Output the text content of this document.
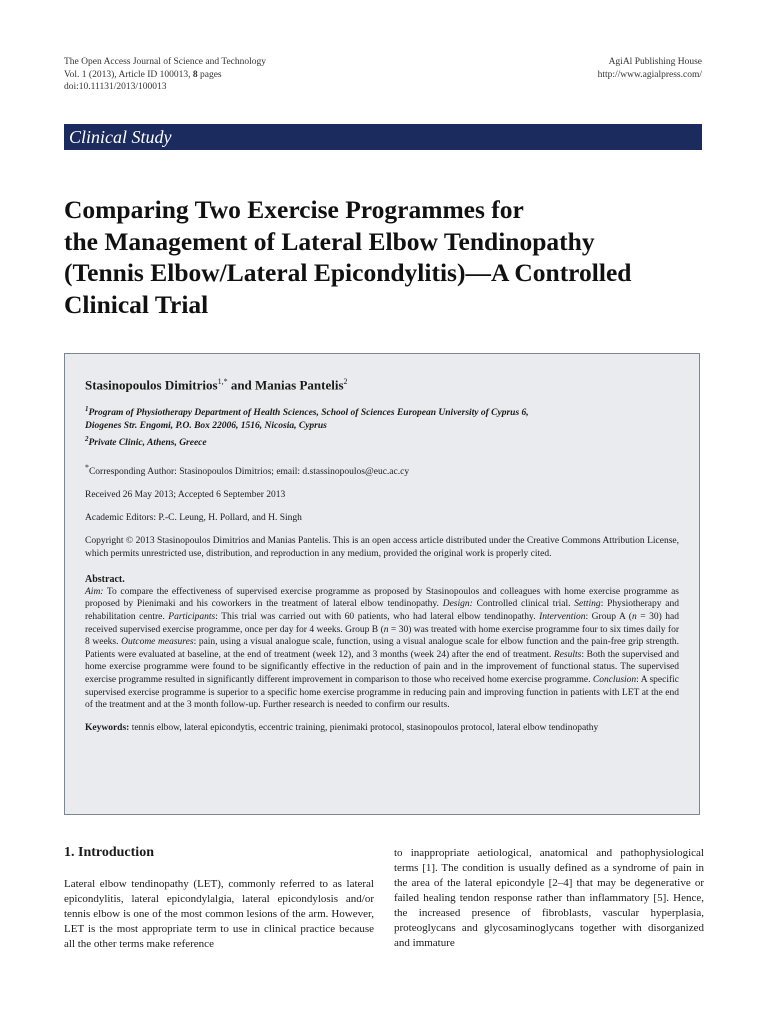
The Open Access Journal of Science and Technology
Vol. 1 (2013), Article ID 100013, 8 pages
doi:10.11131/2013/100013
AgiAl Publishing House
http://www.agialpress.com/
Clinical Study
Comparing Two Exercise Programmes for
the Management of Lateral Elbow Tendinopathy
(Tennis Elbow/Lateral Epicondylitis)—A Controlled
Clinical Trial
Stasinopoulos Dimitrios$^{1,*}$ and Manias Pantelis$^2$
$^1$Program of Physiotherapy Department of Health Sciences, School of Sciences European University of Cyprus 6,
Diogenes Str. Engomi, P.O. Box 22006, 1516, Nicosia, Cyprus
$^2$Private Clinic, Athens, Greece
*Corresponding Author: Stasinopoulos Dimitrios; email: d.stassinopoulos@euc.ac.cy
Received 26 May 2013; Accepted 6 September 2013
Academic Editors: P.-C. Leung, H. Pollard, and H. Singh
Copyright © 2013 Stasinopoulos Dimitrios and Manias Pantelis. This is an open access article distributed under the Creative Commons Attribution License, which permits unrestricted use, distribution, and reproduction in any medium, provided the original work is properly cited.
Abstract.
Aim: To compare the effectiveness of supervised exercise programme as proposed by Stasinopoulos and colleagues with home exercise programme as proposed by Pienimaki and his coworkers in the treatment of lateral elbow tendinopathy. Design: Controlled clinical trial. Setting: Physiotherapy and rehabilitation centre. Participants: This trial was carried out with 60 patients, who had lateral elbow tendinopathy. Intervention: Group A (n = 30) had received supervised exercise programme, once per day for 4 weeks. Group B (n = 30) was treated with home exercise programme four to six times daily for 8 weeks. Outcome measures: pain, using a visual analogue scale, function, using a visual analogue scale for elbow function and the pain-free grip strength. Patients were evaluated at baseline, at the end of treatment (week 12), and 3 months (week 24) after the end of treatment. Results: Both the supervised and home exercise programme were found to be significantly effective in the reduction of pain and in the improvement of functional status. The supervised exercise programme resulted in significantly different improvement in comparison to those who received home exercise programme. Conclusion: A specific supervised exercise programme is superior to a specific home exercise programme in reducing pain and improving function in patients with LET at the end of the treatment and at the 3 month follow-up. Further research is needed to confirm our results.
Keywords: tennis elbow, lateral epicondytis, eccentric training, pienimaki protocol, stasinopoulos protocol, lateral elbow tendinopathy
1. Introduction
Lateral elbow tendinopathy (LET), commonly referred to as lateral epicondylitis, lateral epicondylalgia, lateral epicondylosis and/or tennis elbow is one of the most common lesions of the arm. However, LET is the most appropriate term to use in clinical practice because all the other terms make reference
to inappropriate aetiological, anatomical and pathophysiological terms [1]. The condition is usually defined as a syndrome of pain in the area of the lateral epicondyle [2–4] that may be degenerative or failed healing tendon response rather than inflammatory [5]. Hence, the increased presence of fibroblasts, vascular hyperplasia, proteoglycans and glycosaminoglycans together with disorganized and immature
